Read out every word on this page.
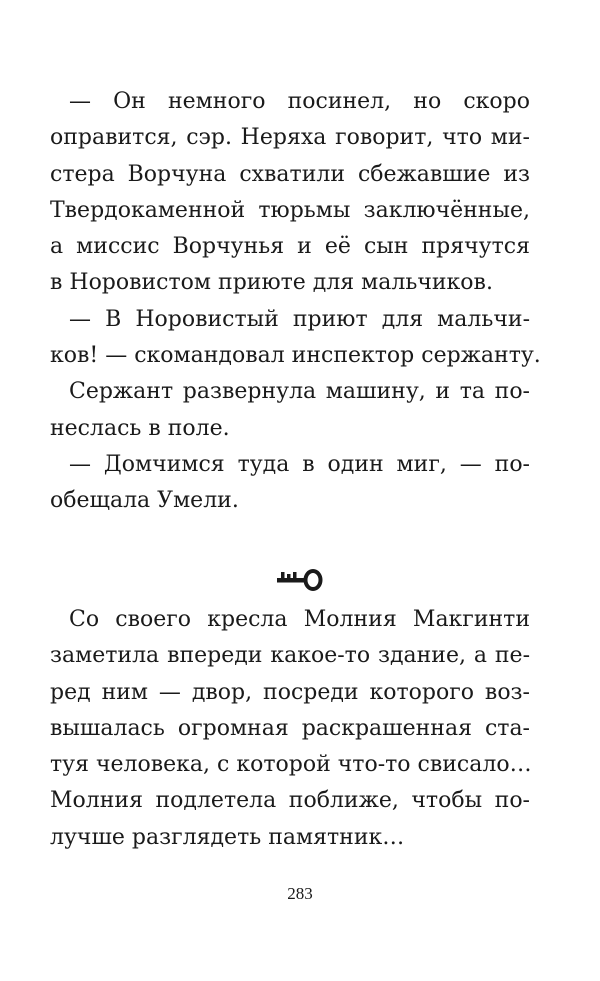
— Он немного посинел, но скоро
оправится, сэр. Неряха говорит, что ми-
стера Ворчуна схватили сбежавшие из
Твердокаменной тюрьмы заключённые,
а миссис Ворчунья и её сын прячутся
в Норовистом приюте для мальчиков.
— В Норовистый приют для мальчи-
ков! — скомандовал инспектор сержанту.
Сержант развернула машину, и та по-
неслась в поле.
— Домчимся туда в один миг, — по-
обещала Умели.
Со своего кресла Молния Макгинти
заметила впереди какое-то здание, а пе-
ред ним — двор, посреди которого воз-
вышалась огромная раскрашенная ста-
туя человека, с которой что-то свисало…
Молния подлетела поближе, чтобы по-
лучше разглядеть памятник…
283
